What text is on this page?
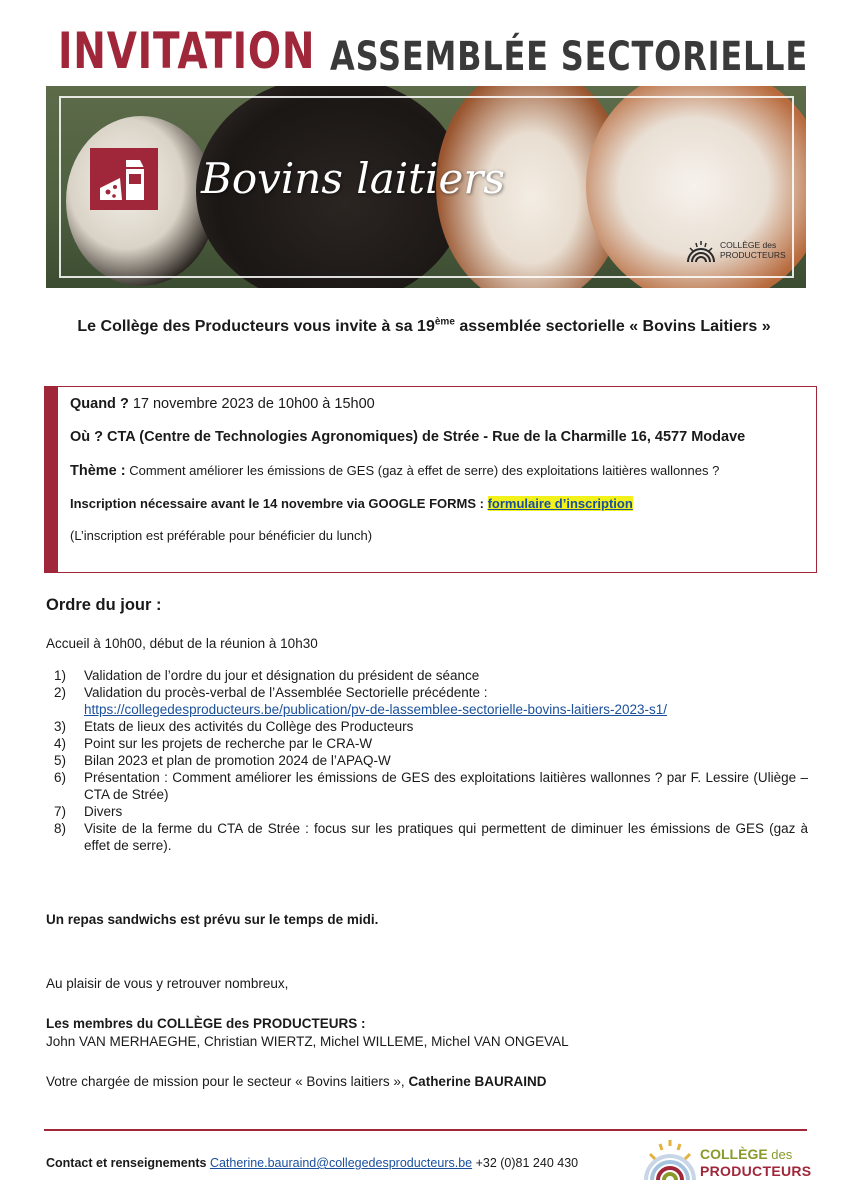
INVITATION ASSEMBLÉE SECTORIELLE
Bovins laitiers
COLLÈGE des
PRODUCTEURS
Le Collège des Producteurs vous invite à sa 19ème assemblée sectorielle « Bovins Laitiers »
Quand ? 17 novembre 2023 de 10h00 à 15h00
Où ? CTA (Centre de Technologies Agronomiques) de Strée - Rue de la Charmille 16, 4577 Modave
Thème : Comment améliorer les émissions de GES (gaz à effet de serre) des exploitations laitières wallonnes ?
Inscription nécessaire avant le 14 novembre via GOOGLE FORMS : formulaire d’inscription
(L’inscription est préférable pour bénéficier du lunch)
Ordre du jour :
Accueil à 10h00, début de la réunion à 10h30
1)	Validation de l’ordre du jour et désignation du président de séance
2)	Validation du procès-verbal de l’Assemblée Sectorielle précédente :
https://collegedesproducteurs.be/publication/pv-de-lassemblee-sectorielle-bovins-laitiers-2023-s1/
3)	Etats de lieux des activités du Collège des Producteurs
4)	Point sur les projets de recherche par le CRA-W
5)	Bilan 2023 et plan de promotion 2024 de l’APAQ-W
6)	Présentation : Comment améliorer les émissions de GES des exploitations laitières wallonnes ? par F. Lessire (Uliège – CTA de Strée)
7)	Divers
8)	Visite de la ferme du CTA de Strée : focus sur les pratiques qui permettent de diminuer les émissions de GES (gaz à effet de serre).
Un repas sandwichs est prévu sur le temps de midi.
Au plaisir de vous y retrouver nombreux,
Les membres du COLLÈGE des PRODUCTEURS :
John VAN MERHAEGHE, Christian WIERTZ, Michel WILLEME, Michel VAN ONGEVAL
Votre chargée de mission pour le secteur « Bovins laitiers », Catherine BAURAIND
Contact et renseignements Catherine.bauraind@collegedesproducteurs.be +32 (0)81 240 430
COLLÈGE des
PRODUCTEURS
